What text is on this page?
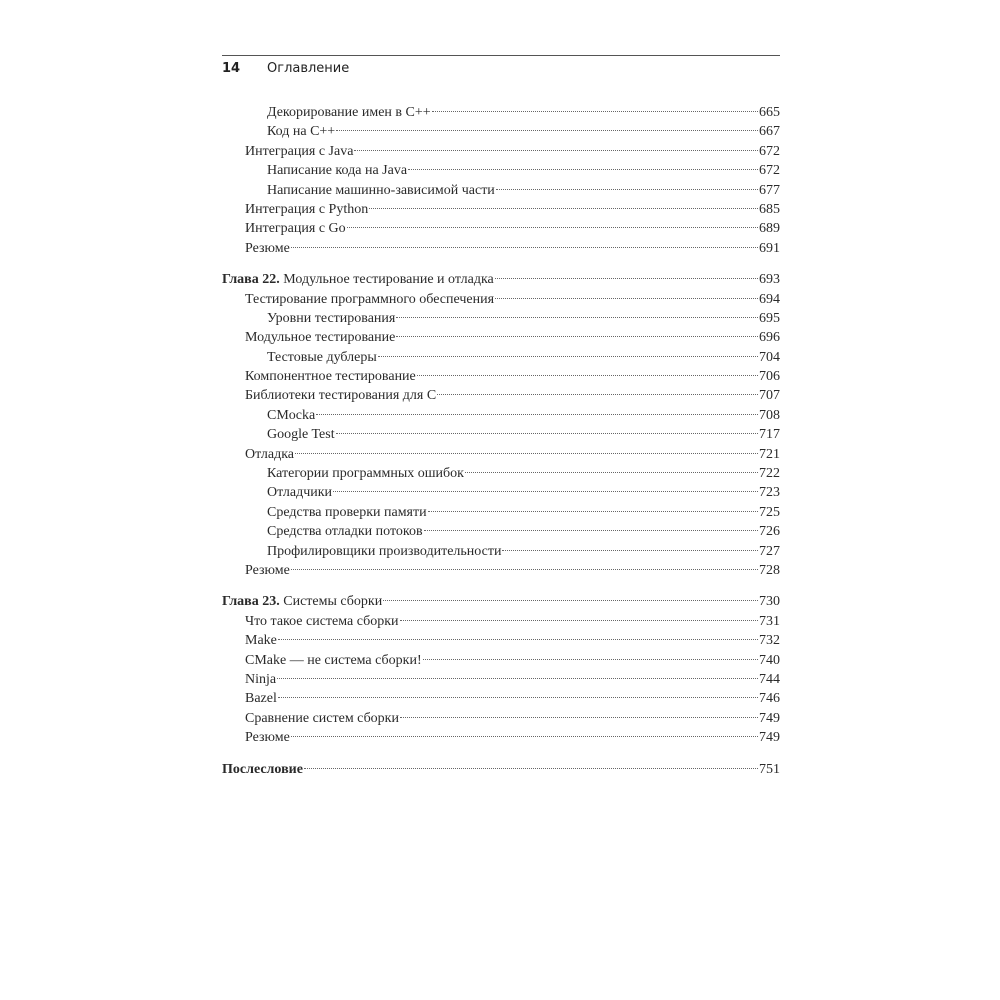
14 Оглавление
Декорирование имен в C++	665
Код на C++	667
Интеграция с Java	672
Написание кода на Java	672
Написание машинно-зависимой части	677
Интеграция с Python	685
Интеграция с Go	689
Резюме	691
Глава 22. Модульное тестирование и отладка	693
Тестирование программного обеспечения	694
Уровни тестирования	695
Модульное тестирование	696
Тестовые дублеры	704
Компонентное тестирование	706
Библиотеки тестирования для C	707
CMocka	708
Google Test	717
Отладка	721
Категории программных ошибок	722
Отладчики	723
Средства проверки памяти	725
Средства отладки потоков	726
Профилировщики производительности	727
Резюме	728
Глава 23. Системы сборки	730
Что такое система сборки	731
Make	732
CMake — не система сборки!	740
Ninja	744
Bazel	746
Сравнение систем сборки	749
Резюме	749
Послесловие	751
